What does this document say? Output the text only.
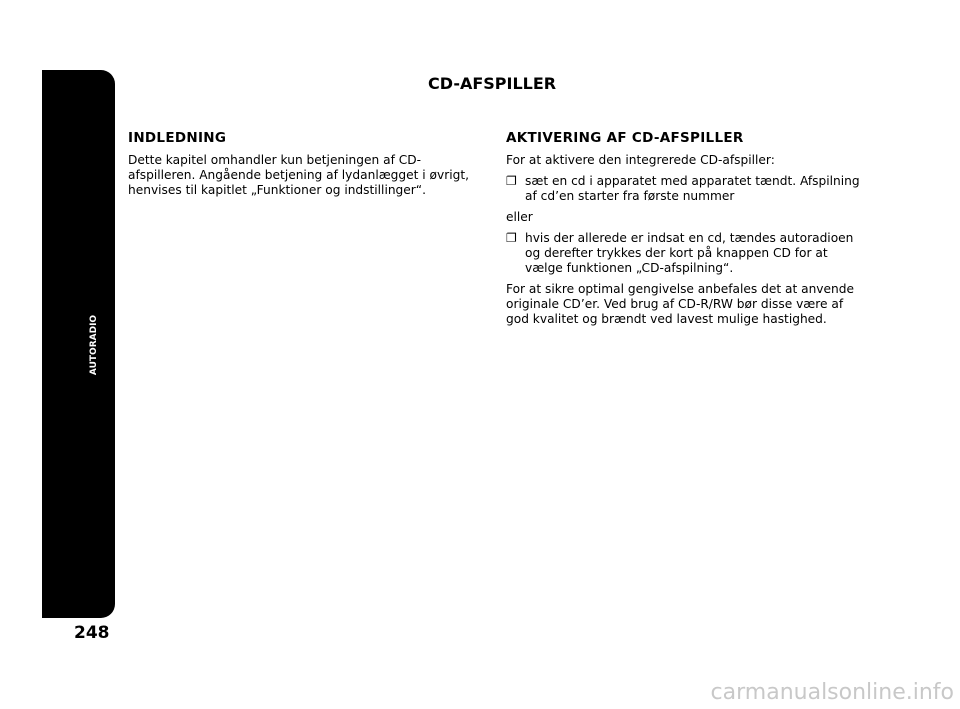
AUTORADIO
248
CD-AFSPILLER
INDLEDNING

Dette kapitel omhandler kun betjeningen af CD-afspilleren. Angående betjening af lydanlægget i øvrigt, henvises til kapitlet „Funktioner og indstillinger“.

AKTIVERING AF CD-AFSPILLER

For at aktivere den integrerede CD-afspiller:

❐ sæt en cd i apparatet med apparatet tændt. Afspilning af cd’en starter fra første nummer

eller

❐ hvis der allerede er indsat en cd, tændes autoradioen og derefter trykkes der kort på knappen CD for at vælge funktionen „CD-afspilning“.

For at sikre optimal gengivelse anbefales det at anvende originale CD’er. Ved brug af CD-R/RW bør disse være af god kvalitet og brændt ved lavest mulige hastighed.

carmanualsonline.info
